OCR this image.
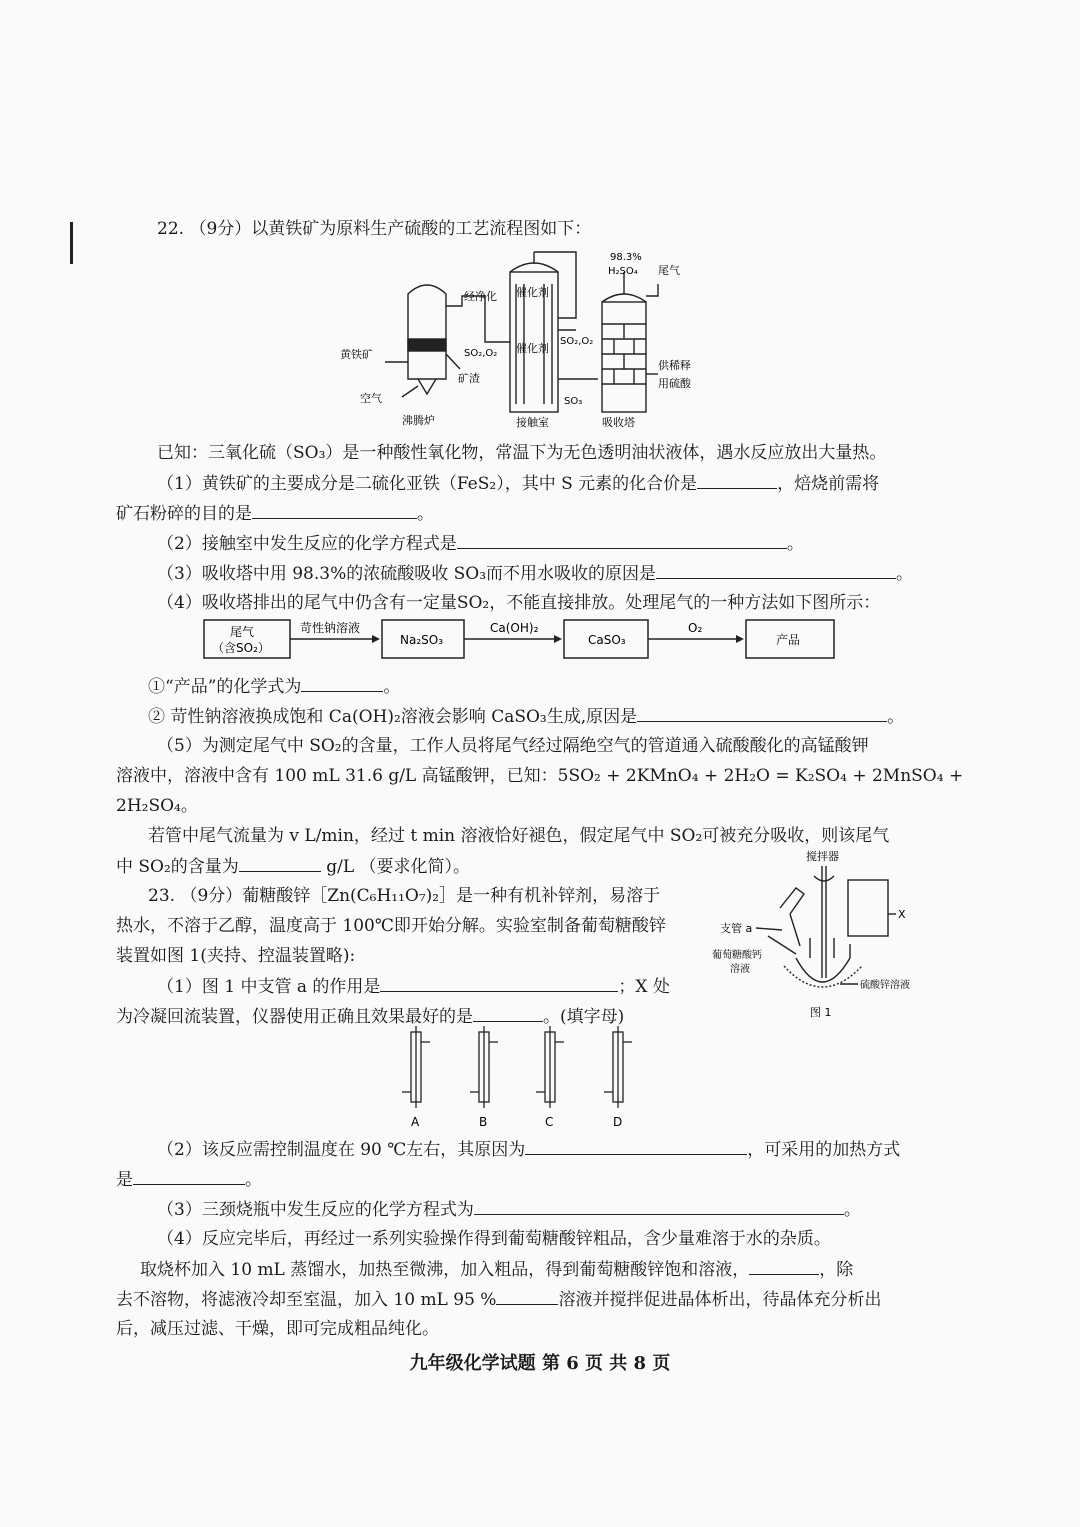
22. （9分）以黄铁矿为原料生产硫酸的工艺流程图如下：
黄铁矿
空气
沸腾炉
经净化
SO₂,O₂
矿渣
催化剂
催化剂
SO₂,O₂
接触室
SO₃
98.3%
H₂SO₄ 尾气
供稀释
用硫酸
吸收塔
已知：三氧化硫（SO₃）是一种酸性氧化物，常温下为无色透明油状液体，遇水反应放出大量热。
（1）黄铁矿的主要成分是二硫化亚铁（FeS₂），其中 S 元素的化合价是	，焙烧前需将
矿石粉碎的目的是	。
（2）接触室中发生反应的化学方程式是	。
（3）吸收塔中用 98.3%的浓硫酸吸收 SO₃而不用水吸收的原因是	。
（4）吸收塔排出的尾气中仍含有一定量SO₂，不能直接排放。处理尾气的一种方法如下图所示：
尾气
（含SO₂）
苛性钠溶液
Na₂SO₃
Ca(OH)₂
CaSO₃
O₂
产品
①“产品”的化学式为	。
② 苛性钠溶液换成饱和 Ca(OH)₂溶液会影响 CaSO₃生成,原因是	。
（5）为测定尾气中 SO₂的含量，工作人员将尾气经过隔绝空气的管道通入硫酸酸化的高锰酸钾
溶液中，溶液中含有 100 mL 31.6 g/L 高锰酸钾，已知：5SO₂ + 2KMnO₄ + 2H₂O = K₂SO₄ + 2MnSO₄ +
2H₂SO₄。
若管中尾气流量为 v L/min，经过 t min 溶液恰好褪色，假定尾气中 SO₂可被充分吸收，则该尾气
中 SO₂的含量为	g/L （要求化简）。
23. （9分）葡糖酸锌［Zn(C₆H₁₁O₇)₂］是一种有机补锌剂，易溶于
热水，不溶于乙醇，温度高于 100℃即开始分解。实验室制备葡萄糖酸锌
装置如图 1(夹持、控温装置略):
（1）图 1 中支管 a 的作用是	；X 处
为冷凝回流装置，仪器使用正确且效果最好的是	。(填字母)
搅拌器
支管 a
X
葡萄糖酸钙
溶液
硫酸锌溶液
图 1
A	B	C	D
（2）该反应需控制温度在 90 ℃左右，其原因为	，可采用的加热方式
是	。
（3）三颈烧瓶中发生反应的化学方程式为	。
（4）反应完毕后，再经过一系列实验操作得到葡萄糖酸锌粗品，含少量难溶于水的杂质。
取烧杯加入 10 mL 蒸馏水，加热至微沸，加入粗品，得到葡萄糖酸锌饱和溶液，	，除
去不溶物，将滤液冷却至室温，加入 10 mL 95 %	溶液并搅拌促进晶体析出，待晶体充分析出
后，减压过滤、干燥，即可完成粗品纯化。
九年级化学试题 第 6 页 共 8 页
